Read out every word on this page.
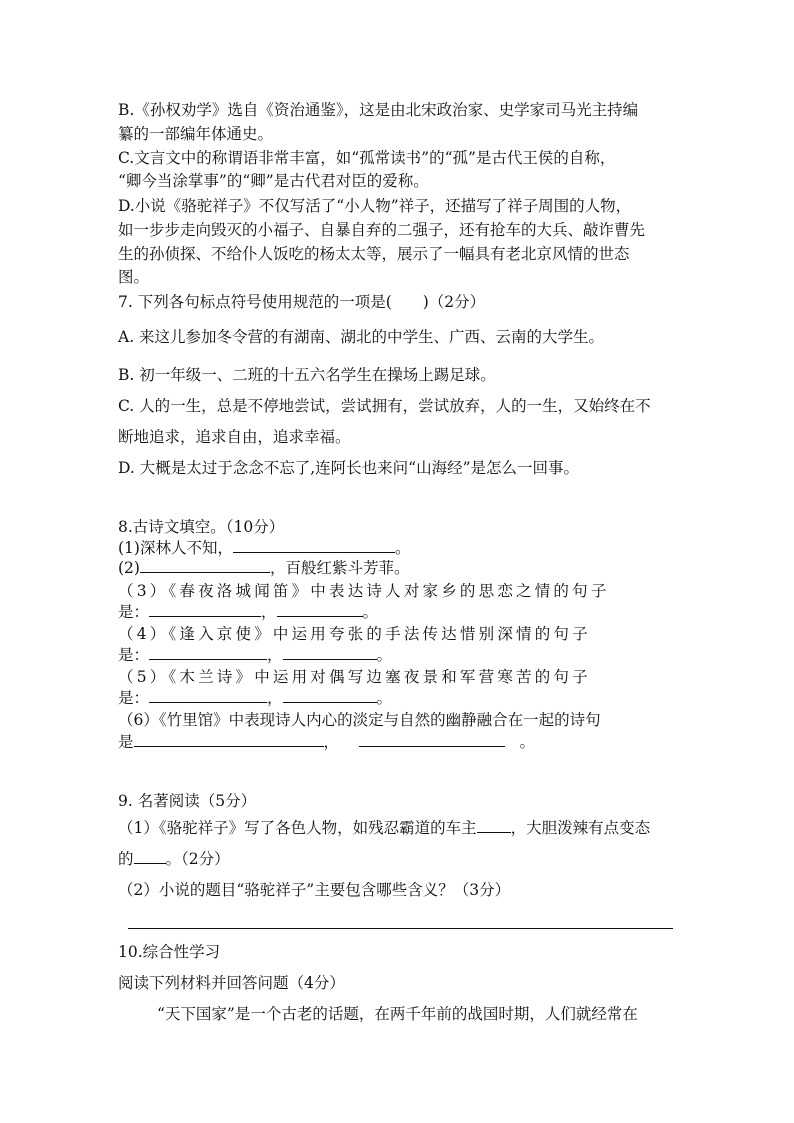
B.《孙权劝学》选自《资治通鉴》，这是由北宋政治家、史学家司马光主持编
纂的一部编年体通史。
C.文言文中的称谓语非常丰富，如“孤常读书”的“孤”是古代王侯的自称，
“卿今当涂掌事”的“卿”是古代君对臣的爱称。
D.小说《骆驼祥子》不仅写活了“小人物”祥子，还描写了祥子周围的人物，
如一步步走向毁灭的小福子、自暴自弃的二强子，还有抢车的大兵、敲诈曹先
生的孙侦探、不给仆人饭吃的杨太太等，展示了一幅具有老北京风情的世态
图。
7. 下列各句标点符号使用规范的一项是(　　)（2分）
A. 来这儿参加冬令营的有湖南、湖北的中学生、广西、云南的大学生。
B. 初一年级一、二班的十五六名学生在操场上踢足球。
C. 人的一生，总是不停地尝试，尝试拥有，尝试放弃，人的一生，又始终在不
断地追求，追求自由，追求幸福。
D. 大概是太过于念念不忘了,连阿长也来问“山海经”是怎么一回事。
8.古诗文填空。（10分）
(1)深林人不知，	。
(2)	，百般红紫斗芳菲。
（3）《春夜洛城闻笛》中表达诗人对家乡的思恋之情的句子
是：	，	。
（4）《逢入京使》中运用夸张的手法传达惜别深情的句子
是：	，	。
（5）《木兰诗》中运用对偶写边塞夜景和军营寒苦的句子
是：	，	。
（6）《竹里馆》中表现诗人内心的淡定与自然的幽静融合在一起的诗句
是	，	。
9. 名著阅读（5分）
（1）《骆驼祥子》写了各色人物，如残忍霸道的车主 ，大胆泼辣有点变态
的 。（2分）
（2）小说的题目“骆驼祥子”主要包含哪些含义？（3分）
10.综合性学习
阅读下列材料并回答问题（4分）
“天下国家”是一个古老的话题，在两千年前的战国时期，人们就经常在
